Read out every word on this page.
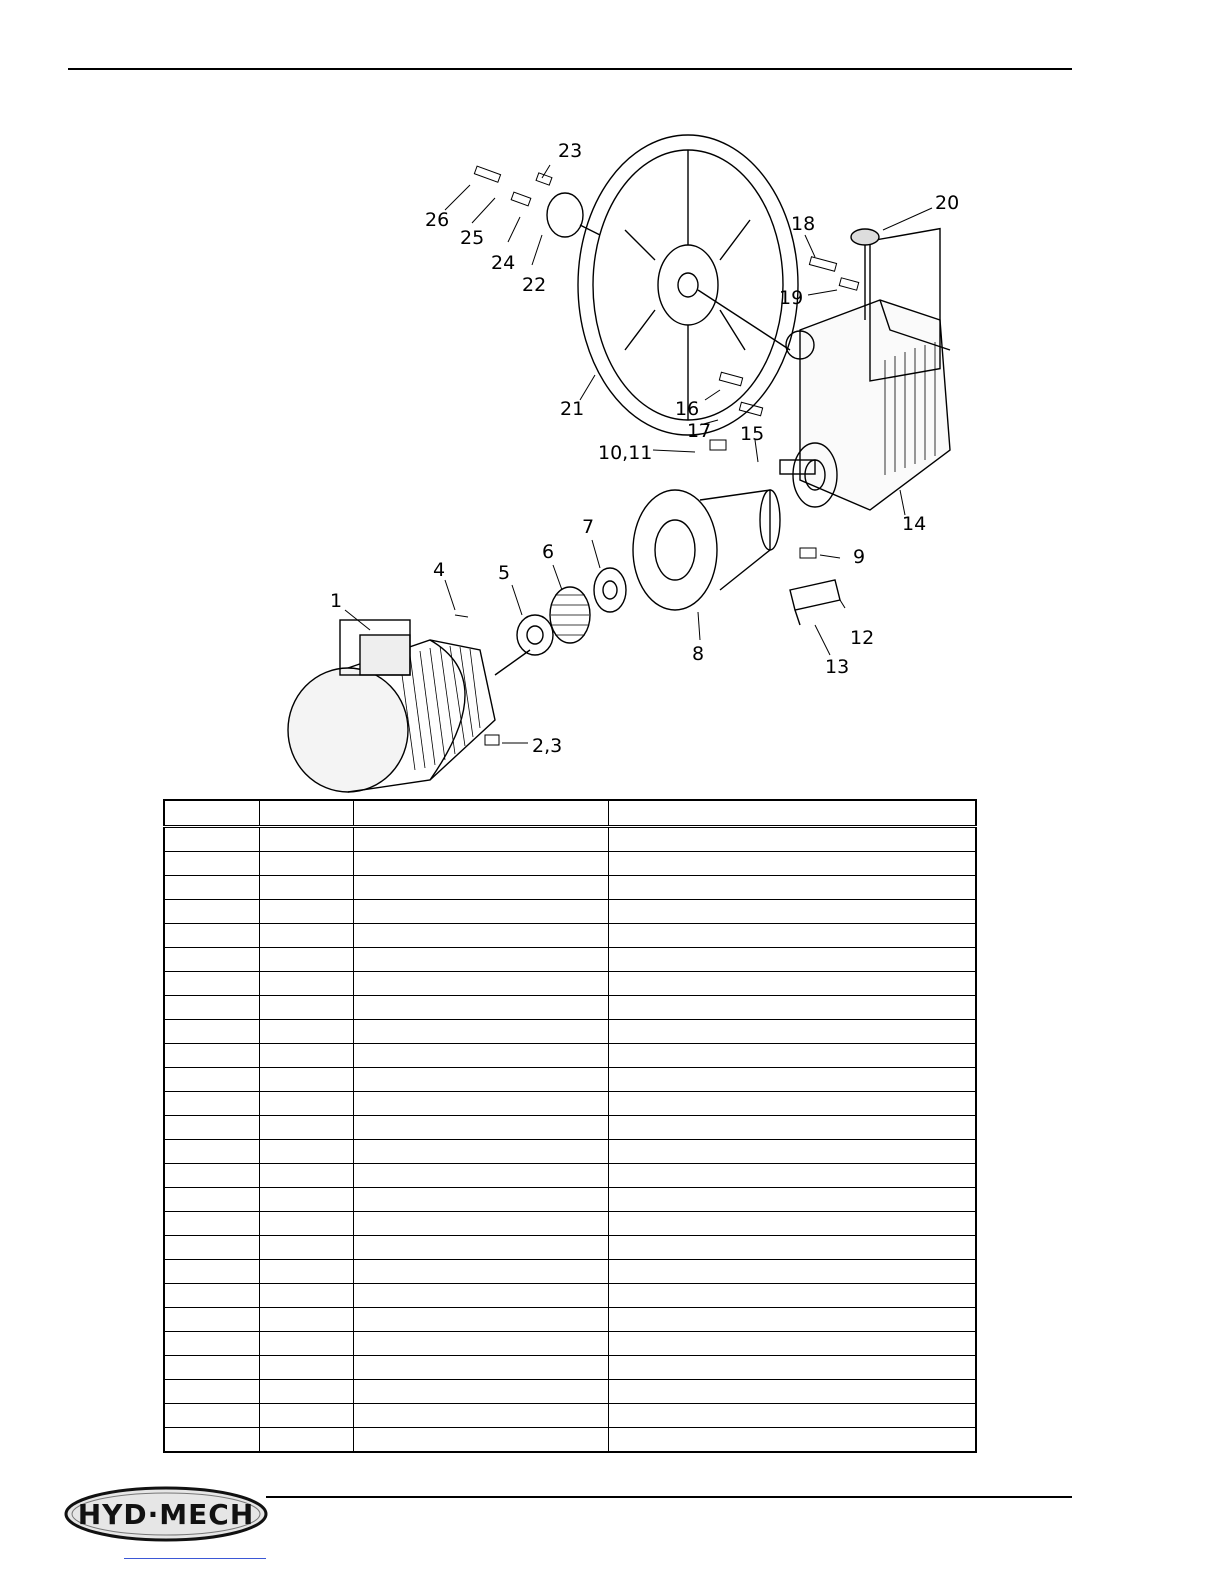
1
2,3
4	5
6
7
8
9
10,11
12
13
14
15
16
17
18
19
20
21
22
23
24
25
26

HYD·MECH
